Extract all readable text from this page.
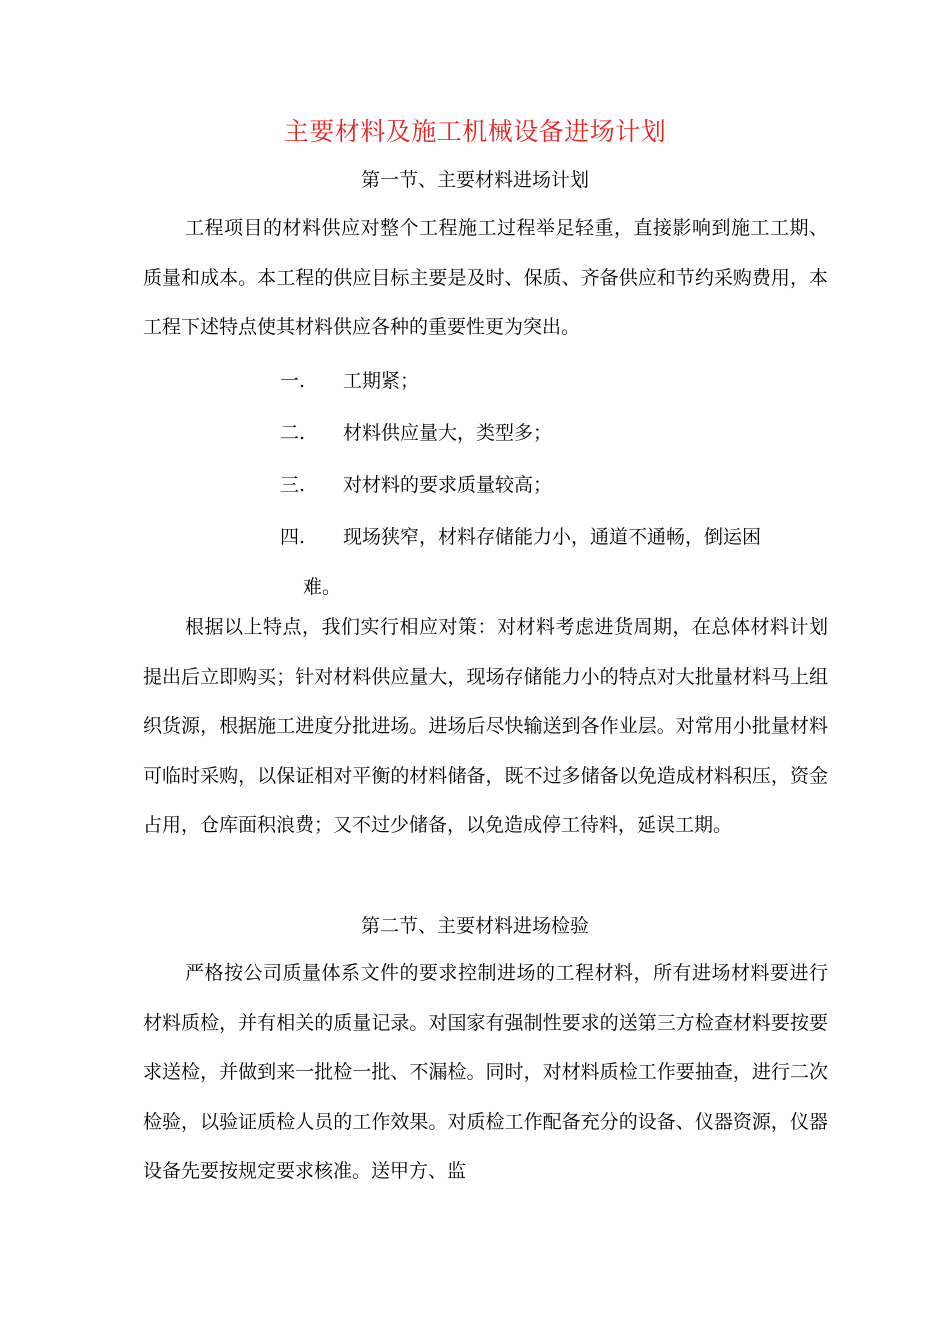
主要材料及施工机械设备进场计划
第一节、主要材料进场计划

工程项目的材料供应对整个工程施工过程举足轻重，直接影响到施工工期、质量和成本。本工程的供应目标主要是及时、保质、齐备供应和节约采购费用，本工程下述特点使其材料供应各种的重要性更为突出。

一.	工期紧；
二.	材料供应量大，类型多；
三.	对材料的要求质量较高；
四.	现场狭窄，材料存储能力小，通道不通畅，倒运困
难。

根据以上特点，我们实行相应对策：对材料考虑进货周期，在总体材料计划提出后立即购买；针对材料供应量大，现场存储能力小的特点对大批量材料马上组织货源，根据施工进度分批进场。进场后尽快输送到各作业层。对常用小批量材料可临时采购，以保证相对平衡的材料储备，既不过多储备以免造成材料积压，资金占用，仓库面积浪费；又不过少储备，以免造成停工待料，延误工期。

第二节、主要材料进场检验

严格按公司质量体系文件的要求控制进场的工程材料，所有进场材料要进行材料质检，并有相关的质量记录。对国家有强制性要求的送第三方检查材料要按要求送检，并做到来一批检一批、不漏检。同时，对材料质检工作要抽查，进行二次检验，以验证质检人员的工作效果。对质检工作配备充分的设备、仪器资源，仪器设备先要按规定要求核准。送甲方、监
